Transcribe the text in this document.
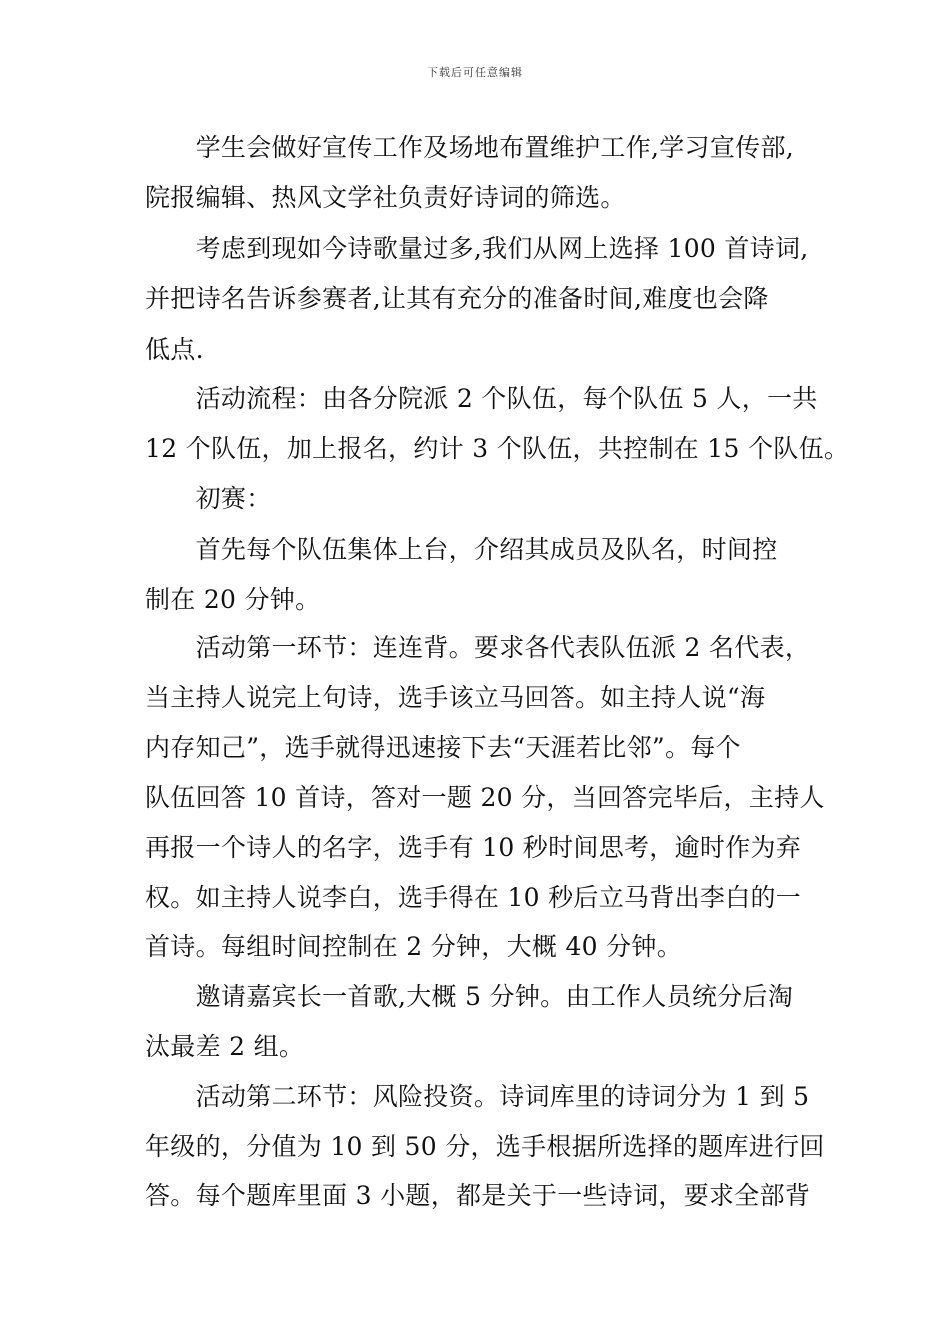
下载后可任意编辑
　　学生会做好宣传工作及场地布置维护工作,学习宣传部,
院报编辑、热风文学社负责好诗词的筛选。
　　考虑到现如今诗歌量过多,我们从网上选择 100 首诗词,
并把诗名告诉参赛者,让其有充分的准备时间,难度也会降
低点.
　　活动流程：由各分院派 2 个队伍，每个队伍 5 人，一共
12 个队伍，加上报名，约计 3 个队伍，共控制在 15 个队伍。
　　初赛：
　　首先每个队伍集体上台，介绍其成员及队名，时间控
制在 20 分钟。
　　活动第一环节：连连背。要求各代表队伍派 2 名代表，
当主持人说完上句诗，选手该立马回答。如主持人说“海
内存知己”，选手就得迅速接下去“天涯若比邻”。每个
队伍回答 10 首诗，答对一题 20 分，当回答完毕后，主持人
再报一个诗人的名字，选手有 10 秒时间思考，逾时作为弃
权。如主持人说李白，选手得在 10 秒后立马背出李白的一
首诗。每组时间控制在 2 分钟，大概 40 分钟。
　　邀请嘉宾长一首歌,大概 5 分钟。由工作人员统分后淘
汰最差 2 组。
　　活动第二环节：风险投资。诗词库里的诗词分为 1 到 5
年级的，分值为 10 到 50 分，选手根据所选择的题库进行回
答。每个题库里面 3 小题，都是关于一些诗词，要求全部背
